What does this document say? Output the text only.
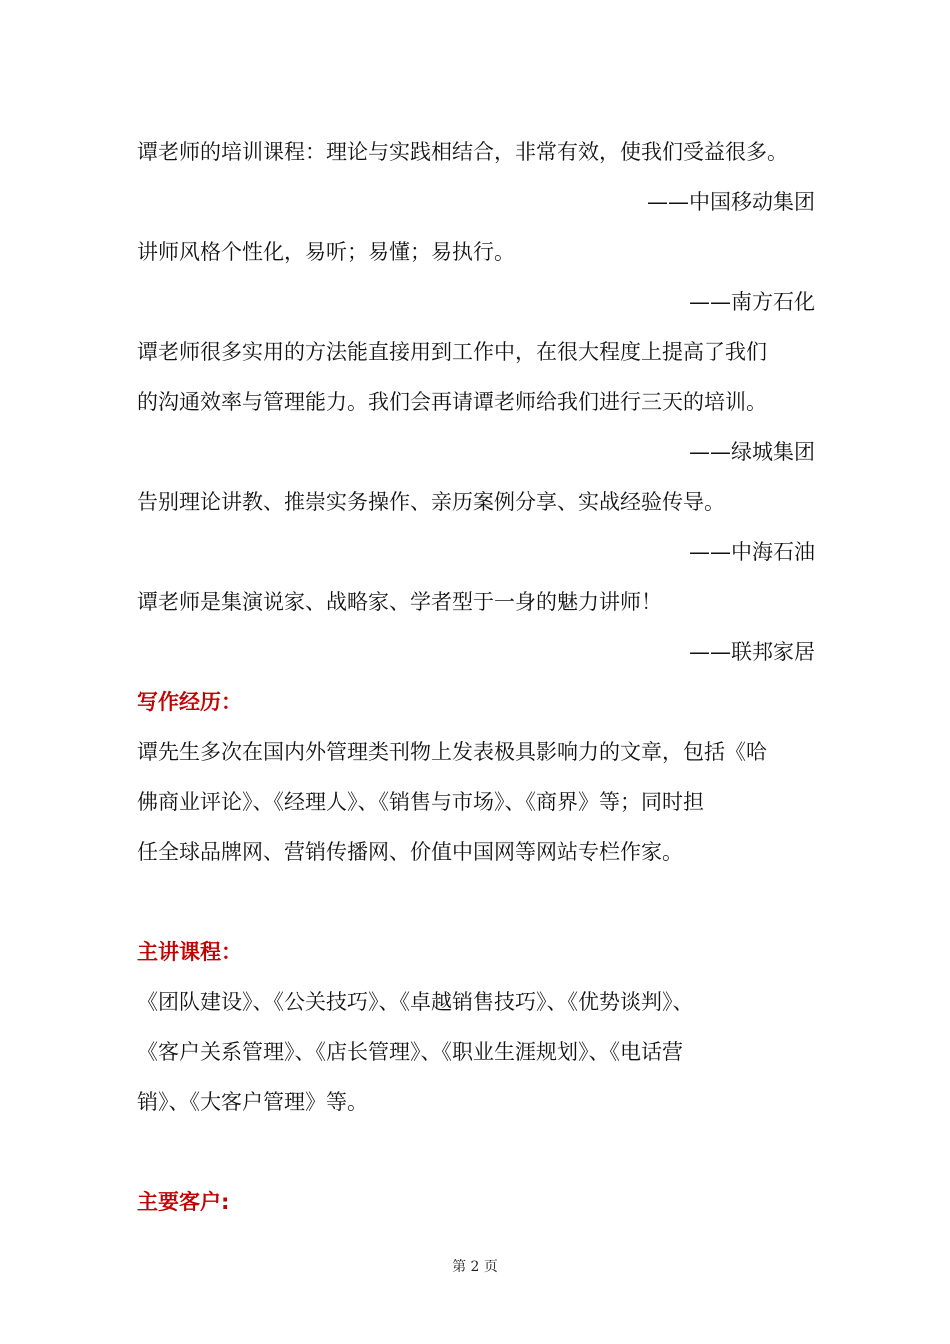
谭老师的培训课程：理论与实践相结合，非常有效，使我们受益很多。
——中国移动集团
讲师风格个性化，易听；易懂；易执行。
——南方石化
谭老师很多实用的方法能直接用到工作中，在很大程度上提高了我们
的沟通效率与管理能力。我们会再请谭老师给我们进行三天的培训。
——绿城集团
告别理论讲教、推崇实务操作、亲历案例分享、实战经验传导。
——中海石油
谭老师是集演说家、战略家、学者型于一身的魅力讲师！
——联邦家居
写作经历：
谭先生多次在国内外管理类刊物上发表极具影响力的文章，包括《哈
佛商业评论》、《经理人》、《销售与市场》、《商界》等；同时担
任全球品牌网、营销传播网、价值中国网等网站专栏作家。
主讲课程：
《团队建设》、《公关技巧》、《卓越销售技巧》、《优势谈判》、
《客户关系管理》、《店长管理》、《职业生涯规划》、《电话营
销》、《大客户管理》等。
主要客户:
第 2 页
